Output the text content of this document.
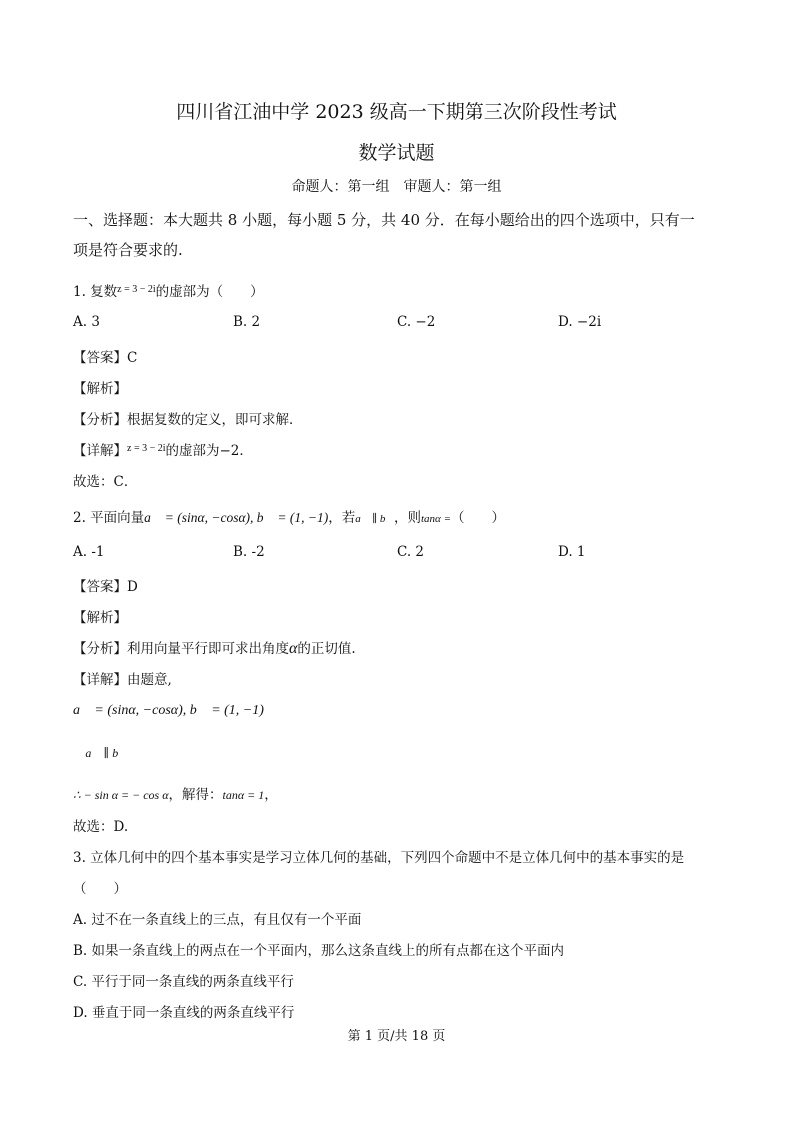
四川省江油中学 2023 级高一下期第三次阶段性考试
数学试题
命题人：第一组　审题人：第一组
一、选择题：本大题共 8 小题，每小题 5 分，共 40 分．在每小题给出的四个选项中，只有一
项是符合要求的.
1. 复数$^{z = 3 - 2i}$的虚部为（　　）
A. 3	B. 2	C. −2	D. −2i
【答案】C
【解析】
【分析】根据复数的定义，即可求解．
【详解】$^{z = 3 - 2i}$的虚部为−2．
故选：C．
2. 平面向量a⃗ = (sinα, −cosα), b⃗ = (1, −1)，若a⃗ ∥ b⃗，则tanα =（　　）
A. -1	B. -2	C. 2	D. 1
【答案】D
【解析】
【分析】利用向量平行即可求出角度α的正切值.
【详解】由题意,
a⃗ = (sinα, −cosα), b⃗ = (1, −1)
∵ a⃗ ∥ b⃗
∴ − sin α = − cos α，解得：tanα = 1，
故选：D.
3. 立体几何中的四个基本事实是学习立体几何的基础，下列四个命题中不是立体几何中的基本事实的是
（　　）
A. 过不在一条直线上的三点，有且仅有一个平面
B. 如果一条直线上的两点在一个平面内，那么这条直线上的所有点都在这个平面内
C. 平行于同一条直线的两条直线平行
D. 垂直于同一条直线的两条直线平行
第 1 页/共 18 页
